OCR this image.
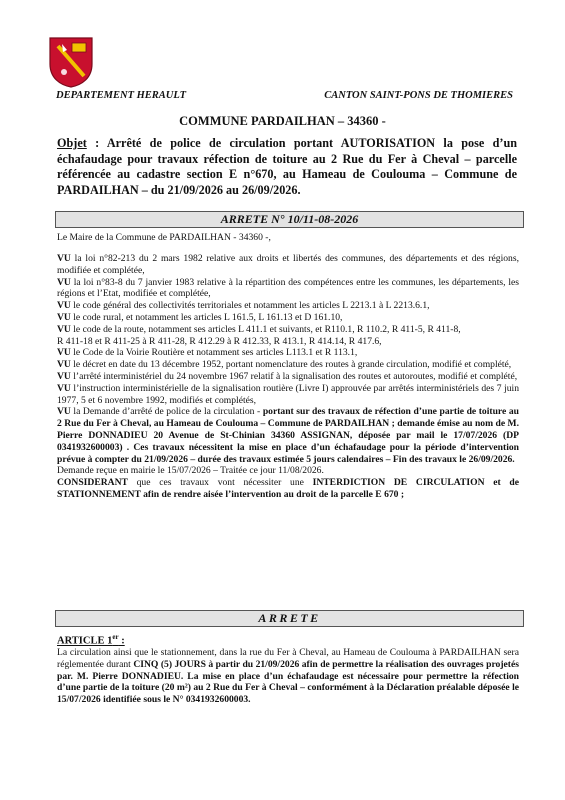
DEPARTEMENT HERAULT	CANTON SAINT-PONS DE THOMIERES
COMMUNE PARDAILHAN – 34360 -
Objet : Arrêté de police de circulation portant AUTORISATION la pose d’un échafaudage pour travaux réfection de toiture au 2 Rue du Fer à Cheval – parcelle référencée au cadastre section E n°670, au Hameau de Coulouma – Commune de PARDAILHAN – du 21/09/2026 au 26/09/2026.
ARRETE N° 10/11-08-2026

Le Maire de la Commune de PARDAILHAN - 34360 -,

VU la loi n°82-213 du 2 mars 1982 relative aux droits et libertés des communes, des départements et des régions, modifiée et complétée,

VU la loi n°83-8 du 7 janvier 1983 relative à la répartition des compétences entre les communes, les départements, les régions et l’Etat, modifiée et complétée,

VU le code général des collectivités territoriales et notamment les articles L 2213.1 à L 2213.6.1,

VU le code rural, et notamment les articles L 161.5, L 161.13 et D 161.10,

VU le code de la route, notamment ses articles L 411.1 et suivants, et R110.1, R 110.2, R 411-5, R 411-8,

R 411-18 et R 411-25 à R 411-28, R 412.29 à R 412.33, R 413.1, R 414.14, R 417.6,

VU le Code de la Voirie Routière et notamment ses articles L113.1 et R 113.1,

VU le décret en date du 13 décembre 1952, portant nomenclature des routes à grande circulation, modifié et complété,

VU l’arrêté interministériel du 24 novembre 1967 relatif à la signalisation des routes et autoroutes, modifié et complété,

VU l’instruction interministérielle de la signalisation routière (Livre I) approuvée par arrêtés interministériels des 7 juin 1977, 5 et 6 novembre 1992, modifiés et complétés,

VU la Demande d’arrêté de police de la circulation - portant sur des travaux de réfection d’une partie de toiture au 2 Rue du Fer à Cheval, au Hameau de Coulouma – Commune de PARDAILHAN ; demande émise au nom de M. Pierre DONNADIEU 20 Avenue de St-Chinian 34360 ASSIGNAN, déposée par mail le 17/07/2026 (DP 0341932600003) . Ces travaux nécessitent la mise en place d’un échafaudage pour la période d’intervention prévue à compter du 21/09/2026 – durée des travaux estimée 5 jours calendaires – Fin des travaux le 26/09/2026.

Demande reçue en mairie le 15/07/2026 – Traitée ce jour 11/08/2026.

CONSIDERANT que ces travaux vont nécessiter une INTERDICTION DE CIRCULATION et de STATIONNEMENT afin de rendre aisée l’intervention au droit de la parcelle E 670 ;

ARRETE
ARTICLE 1er :

La circulation ainsi que le stationnement, dans la rue du Fer à Cheval, au Hameau de Coulouma à PARDAILHAN sera réglementée durant CINQ (5) JOURS à partir du 21/09/2026 afin de permettre la réalisation des ouvrages projetés par. M. Pierre DONNADIEU. La mise en place d’un échafaudage est nécessaire pour permettre la réfection d’une partie de la toiture (20 m²) au 2 Rue du Fer à Cheval – conformément à la Déclaration préalable déposée le 15/07/2026 identifiée sous le N° 0341932600003.
